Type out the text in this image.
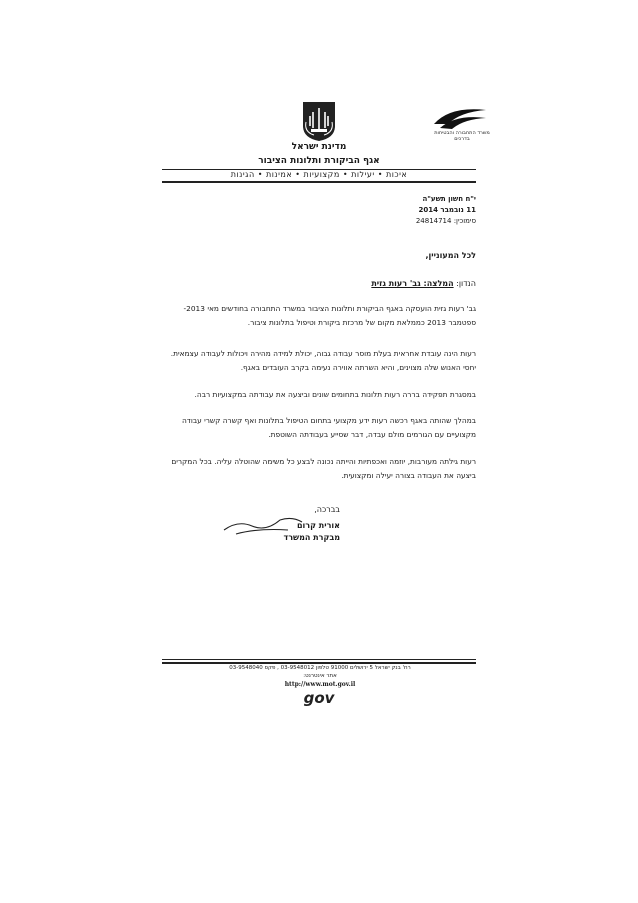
משרד התחבורה והבטיחות בדרכים
מדינת ישראל
אגף הביקורת ותלונות הציבור
איכות • יעילות • מקצועיות • אמינות • הגינות
י"ח חשון תשע"ה
11 נובמבר 2014
סימוכין: 24814714
לכל המעוניין,
הנדון: המלצה: גב' רעות גזית
גב' רעות גזית הועסקה באגף הביקורת ותלונות הציבור במשרד התחבורה בחודשים מאי 2013- ספטמבר 2013 כממלאת מקום של מרכזת ביקורת וטיפול בתלונות ציבור.
רעות הינה עובדת אחראית בעלת מוסר עבודה גבוה, יכולת למידה מהירה ויכולות לעבודה עצמאית. יחסי האנוש שלה מצוינים, והיא השרתה אווירה נעימה בקרב העובדים באגף.
במסגרת תפקידה בררה רעות תלונות בתחומים שונים וביצעה את עבודתה במקצועיות רבה.
במהלך שהותה באגף רכשה רעות ידע מקצועי בתחום הטיפול בתלונות ואף קשרה קשרי עבודה מקצועיים עם הגורמים מולם עבדה, דבר שסייע בעבודתה השוטפת.
רעות גילתה מעורבות, יוזמה ואכפתיות והייתה נכונה לבצע כל משימה שהוטלה עליה. בכל המקרים ביצעה את העבודה בצורה יעילה ומקצועית.
בברכה,
אורית קרום
מבקרת המשרד
רח' בנק ישראל 5 ירושלים 91000 טלפון 03-9548012 , פקס 03-9548040
אתר אינטרנט:
http://www.mot.gov.il
gov
